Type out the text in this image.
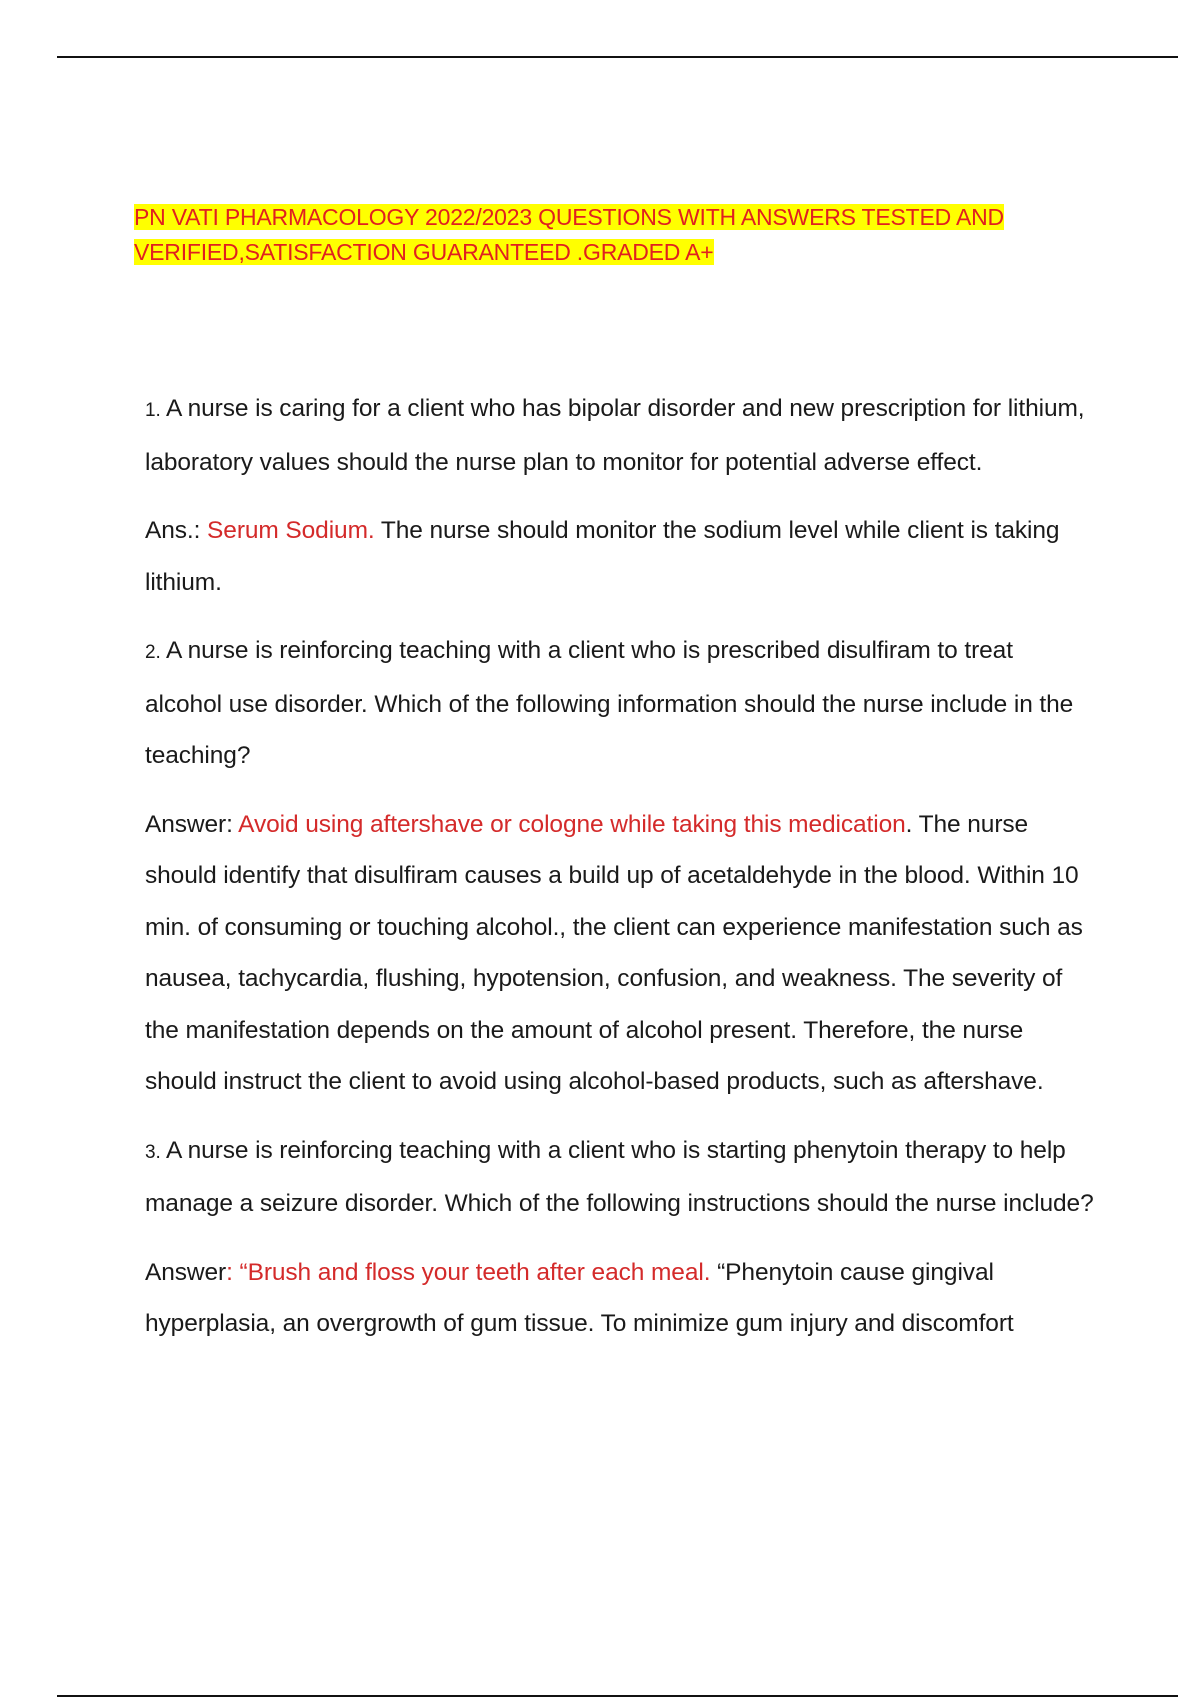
PN VATI PHARMACOLOGY 2022/2023 QUESTIONS WITH ANSWERS TESTED AND
VERIFIED,SATISFACTION GUARANTEED .GRADED A+
1. A nurse is caring for a client who has bipolar disorder and new prescription for lithium, laboratory values should the nurse plan to monitor for potential adverse effect.
Ans.: Serum Sodium. The nurse should monitor the sodium level while client is taking lithium.
2. A nurse is reinforcing teaching with a client who is prescribed disulfiram to treat alcohol use disorder. Which of the following information should the nurse include in the teaching?
Answer: Avoid using aftershave or cologne while taking this medication. The nurse should identify that disulfiram causes a build up of acetaldehyde in the blood. Within 10 min. of consuming or touching alcohol., the client can experience manifestation such as nausea, tachycardia, flushing, hypotension, confusion, and weakness. The severity of the manifestation depends on the amount of alcohol present. Therefore, the nurse should instruct the client to avoid using alcohol-based products, such as aftershave.
3. A nurse is reinforcing teaching with a client who is starting phenytoin therapy to help manage a seizure disorder. Which of the following instructions should the nurse include?
Answer: “Brush and floss your teeth after each meal. “Phenytoin cause gingival hyperplasia, an overgrowth of gum tissue. To minimize gum injury and discomfort
